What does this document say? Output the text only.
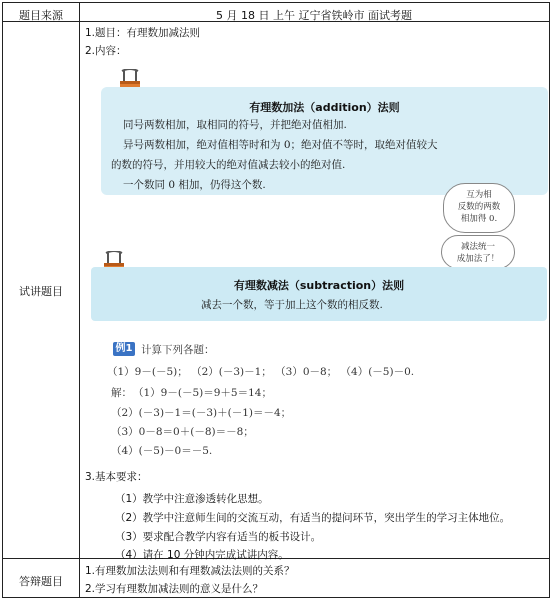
题目来源	5 月 18 日 上午 辽宁省铁岭市 面试考题
试讲题目
答辩题目
1.题目：有理数加减法则
2.内容：
有理数加法（addition）法则
同号两数相加，取相同的符号，并把绝对值相加.
异号两数相加，绝对值相等时和为 0；绝对值不等时，取绝对值较大
的数的符号，并用较大的绝对值减去较小的绝对值.
一个数同 0 相加，仍得这个数.
互为相
反数的两数
相加得 0.
减法统一
成加法了！
有理数减法（subtraction）法则
减去一个数，等于加上这个数的相反数.
例1 计算下列各题：
（1）9－(－5)； （2）(－3)－1； （3）0－8； （4）(－5)－0.
解： （1）9－(－5)＝9＋5＝14；
（2）(－3)－1＝(－3)＋(－1)＝－4；
（3）0－8＝0＋(－8)＝－8；
（4）(－5)－0＝－5.
3.基本要求：
（1）教学中注意渗透转化思想。
（2）教学中注意师生间的交流互动，有适当的提问环节，突出学生的学习主体地位。
（3）要求配合教学内容有适当的板书设计。
（4）请在 10 分钟内完成试讲内容。
1.有理数加法法则和有理数减法法则的关系？
2.学习有理数加减法则的意义是什么？
